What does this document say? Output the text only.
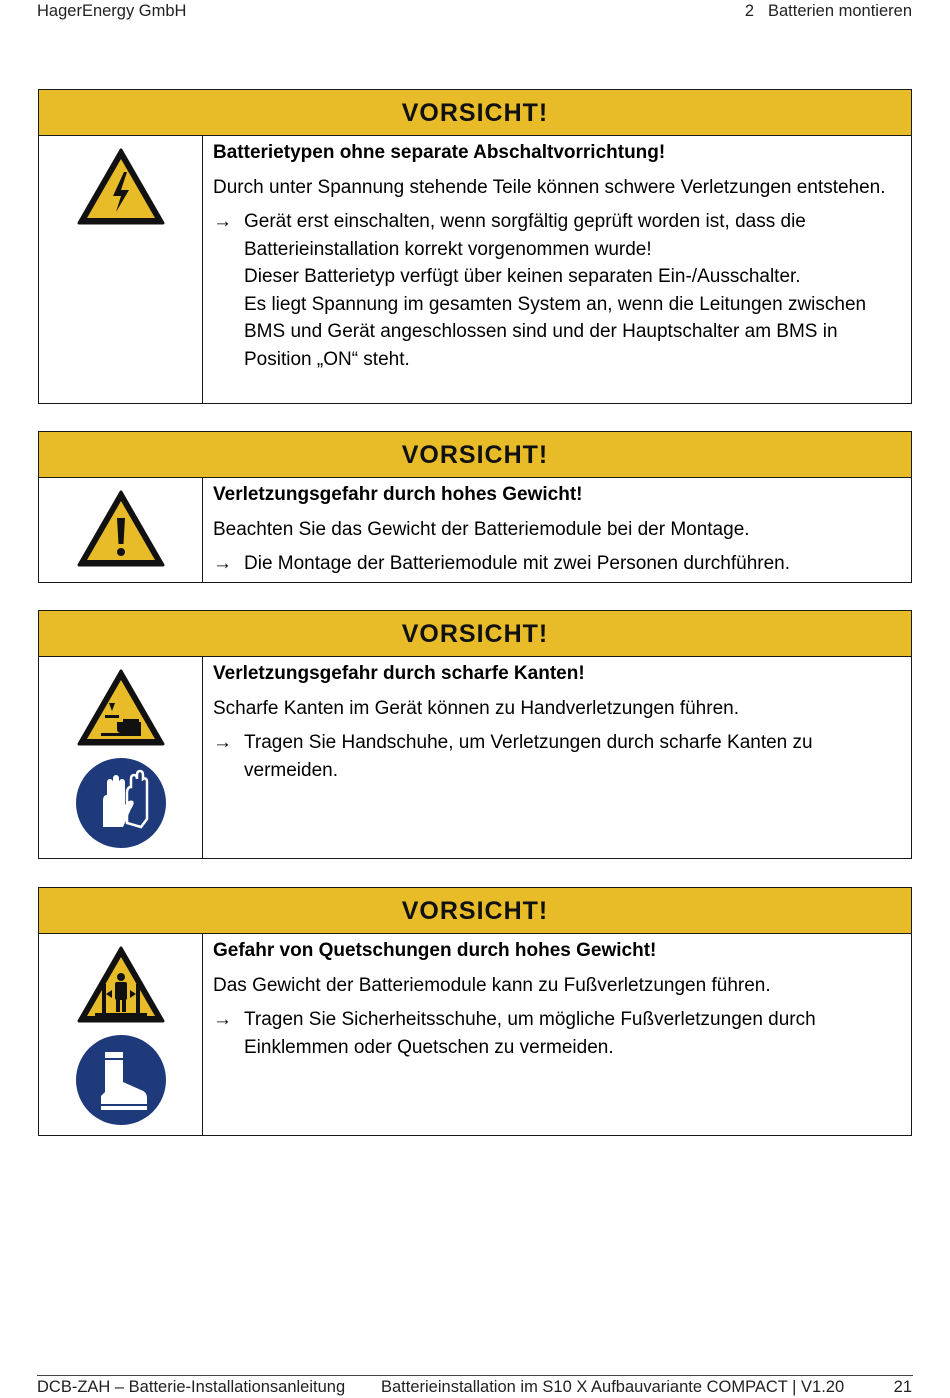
HagerEnergy GmbH	2 Batterien montieren
VORSICHT!
Batterietypen ohne separate Abschaltvorrichtung!
Durch unter Spannung stehende Teile können schwere Verletzungen entstehen.
→ Gerät erst einschalten, wenn sorgfältig geprüft worden ist, dass die Batterieinstallation korrekt vorgenommen wurde!

Dieser Batterietyp verfügt über keinen separaten Ein-/Ausschalter.

Es liegt Spannung im gesamten System an, wenn die Leitungen zwischen BMS und Gerät angeschlossen sind und der Hauptschalter am BMS in Position „ON“ steht.

VORSICHT!
Verletzungsgefahr durch hohes Gewicht!
Beachten Sie das Gewicht der Batteriemodule bei der Montage.
→ Die Montage der Batteriemodule mit zwei Personen durchführen.

VORSICHT!
Verletzungsgefahr durch scharfe Kanten!
Scharfe Kanten im Gerät können zu Handverletzungen führen.
→ Tragen Sie Handschuhe, um Verletzungen durch scharfe Kanten zu vermeiden.

VORSICHT!
Gefahr von Quetschungen durch hohes Gewicht!
Das Gewicht der Batteriemodule kann zu Fußverletzungen führen.
→ Tragen Sie Sicherheitsschuhe, um mögliche Fußverletzungen durch Einklemmen oder Quetschen zu vermeiden.

DCB-ZAH – Batterie-Installationsanleitung Batterieinstallation im S10 X Aufbauvariante COMPACT | V1.20	21
